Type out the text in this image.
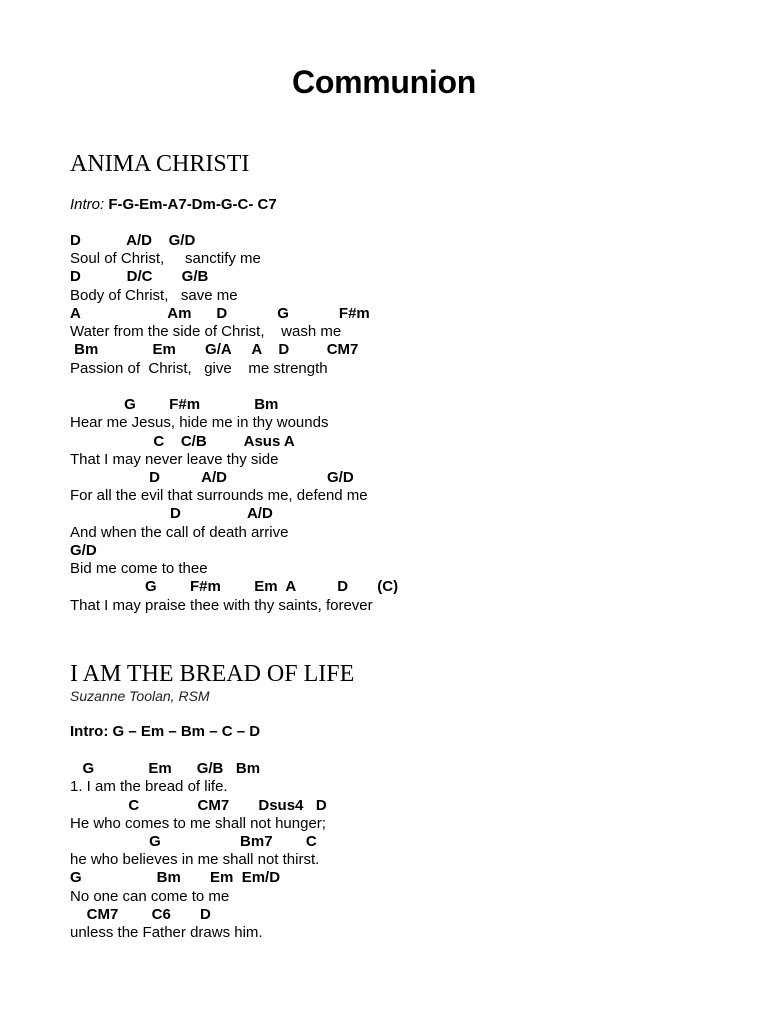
Communion
ANIMA CHRISTI
Intro: F-G-Em-A7-Dm-G-C- C7
D           A/D    G/D
Soul of Christ,     sanctify me
D           D/C       G/B
Body of Christ,   save me
A                     Am      D            G            F#m
Water from the side of Christ,    wash me
Bm             Em       G/A     A    D         CM7
Passion of  Christ,   give    me strength
G        F#m             Bm
Hear me Jesus, hide me in thy wounds
C    C/B         Asus A
That I may never leave thy side
D          A/D                        G/D
For all the evil that surrounds me, defend me
D                A/D
And when the call of death arrive
G/D
Bid me come to thee
G        F#m        Em  A          D       (C)
That I may praise thee with thy saints, forever
I AM THE BREAD OF LIFE
Suzanne Toolan, RSM
Intro: G – Em – Bm – C – D
G             Em      G/B   Bm
1. I am the bread of life.
C              CM7       Dsus4   D
He who comes to me shall not hunger;
G                   Bm7        C
he who believes in me shall not thirst.
G                  Bm       Em  Em/D
No one can come to me
CM7        C6       D
unless the Father draws him.
